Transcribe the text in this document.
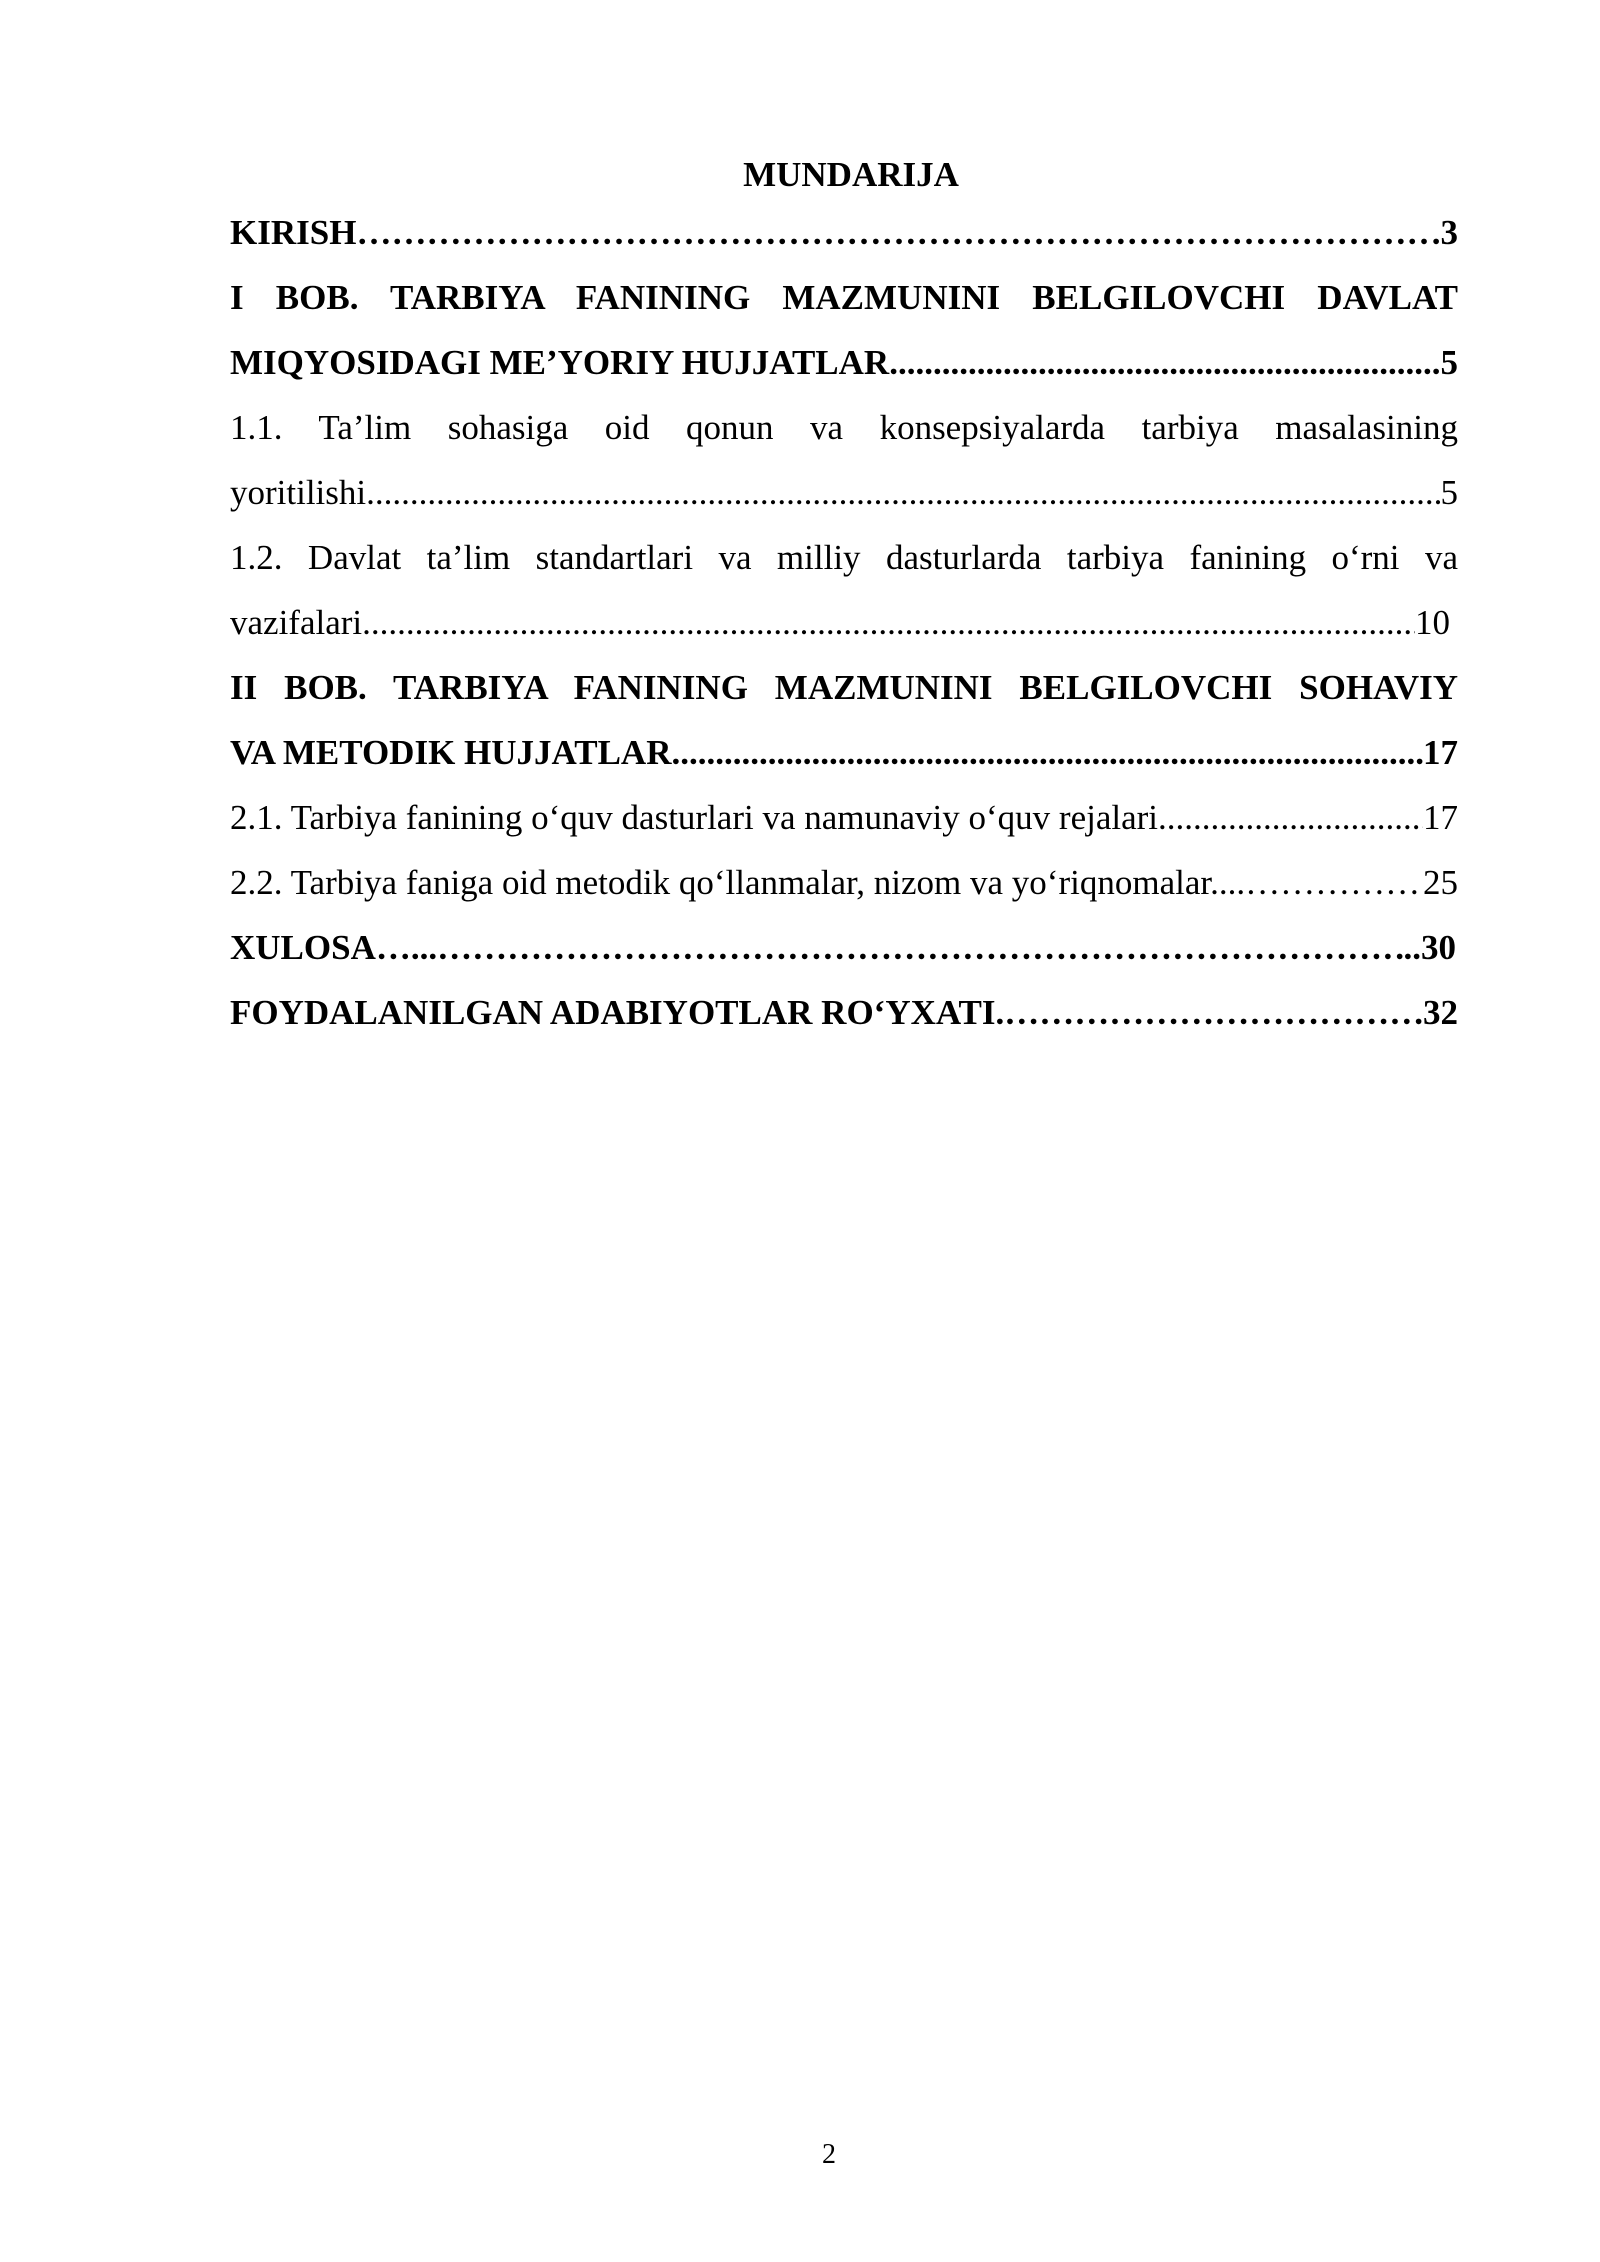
MUNDARIJA
KIRISH ………………………………………………………………………………………………………………………………………………………………………………………………………	.3
I BOB. TARBIYA FANINING MAZMUNINI BELGILOVCHI DAVLAT
MIQYOSIDAGI ME’YORIY HUJJATLAR .....	5
1.1. Ta’lim sohasiga oid qonun va konsepsiyalarda tarbiya masalasining
yoritilishi .....	5
1.2. Davlat ta’lim standartlari va milliy dasturlarda tarbiya fanining o‘rni va
vazifalari .....	10
II BOB. TARBIYA FANINING MAZMUNINI BELGILOVCHI SOHAVIY
VA METODIK HUJJATLAR .....	17
2.1. Tarbiya fanining o‘quv dasturlari va namunaviy o‘quv rejalari .....	17
2.2. Tarbiya faniga oid metodik qo‘llanmalar, nizom va yo‘riqnomalar.... ………………………………………………………………………………………………………………………………………………………………………………………………………	25
XULOSA…... ………………………………………………………………………………………………………………………………………………………………………………………………………	..30
FOYDALANILGAN ADABIYOTLAR RO‘YXATI. ………………………………………………………………………………………………………………………………………………………………………………………………………	.32
2
